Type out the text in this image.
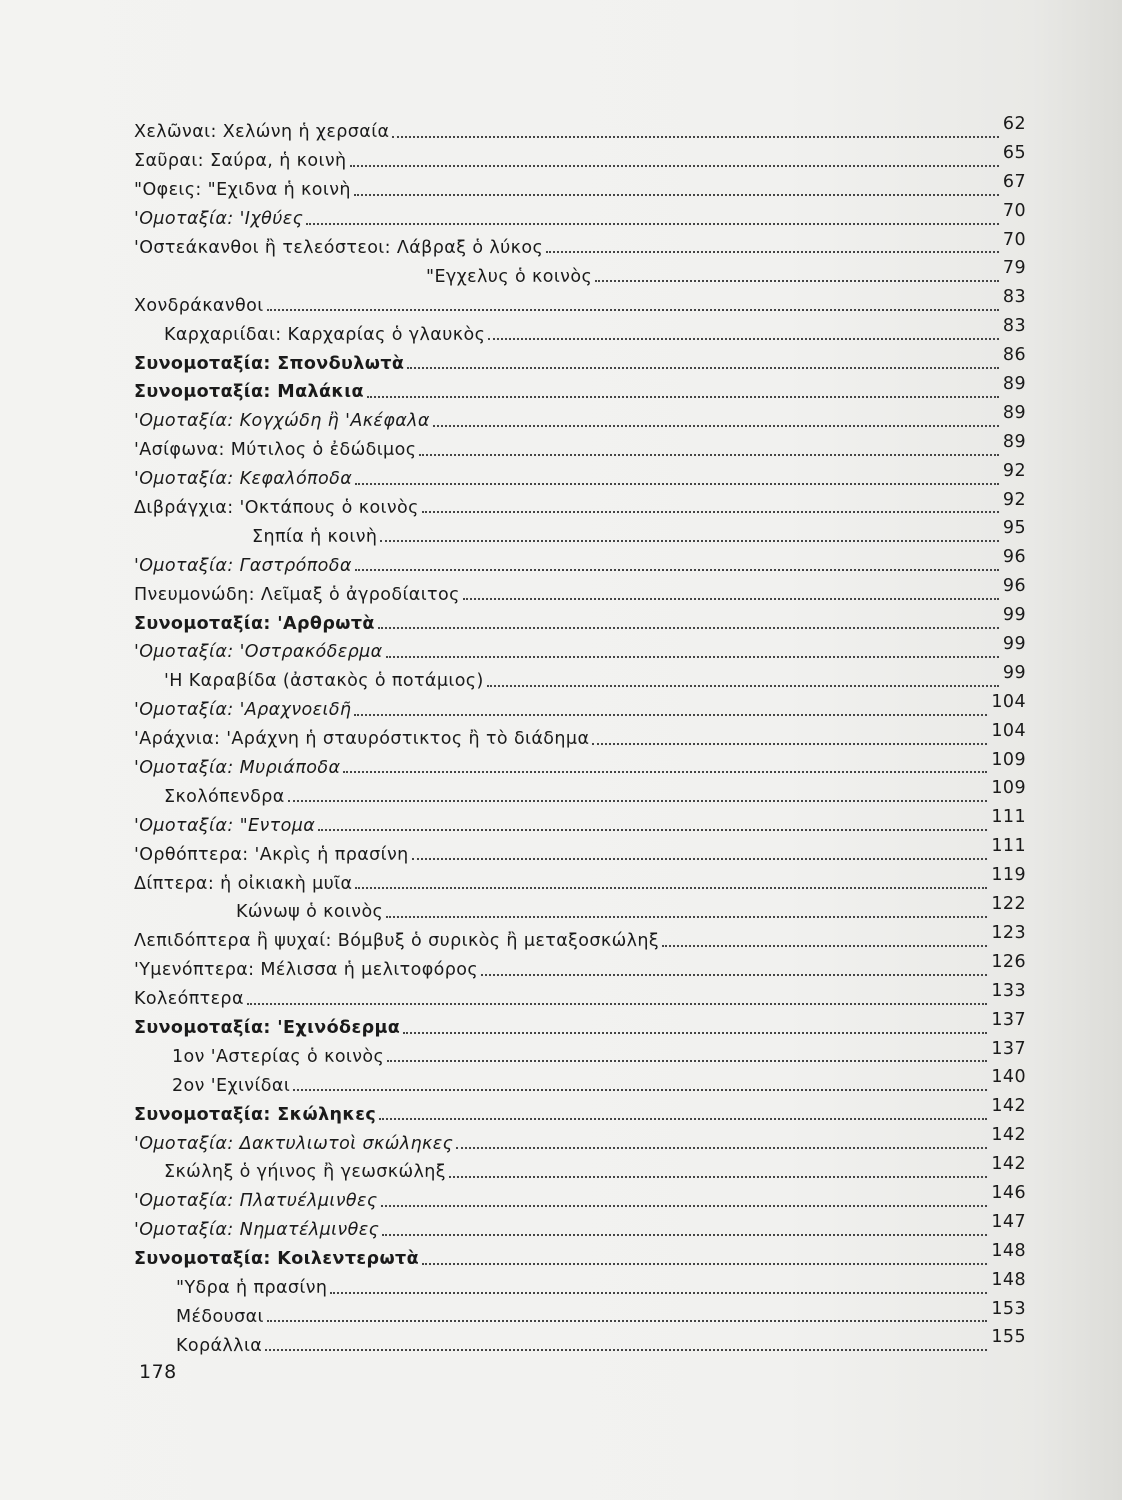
Χελῶναι: Χελώνη ἡ χερσαία	62
Σαῦραι: Σαύρα, ἡ κοινὴ	65
"Οφεις: "Εχιδνα ἡ κοινὴ	67
'Ομοταξία: 'Ιχθύες	70
'Οστεάκανθοι ἢ τελεόστεοι: Λάβραξ ὁ λύκος	70
"Εγχελυς ὁ κοινὸς	79
Χονδράκανθοι	83
Καρχαριίδαι: Καρχαρίας ὁ γλαυκὸς	83
Συνομοταξία: Σπονδυλωτὰ	86
Συνομοταξία: Μαλάκια	89
'Ομοταξία: Κογχώδη ἢ 'Ακέφαλα	89
'Ασίφωνα: Μύτιλος ὁ ἐδώδιμος	89
'Ομοταξία: Κεφαλόποδα	92
Διβράγχια: 'Οκτάπους ὁ κοινὸς	92
Σηπία ἡ κοινὴ	95
'Ομοταξία: Γαστρόποδα	96
Πνευμονώδη: Λεῖμαξ ὁ ἀγροδίαιτος	96
Συνομοταξία: 'Αρθρωτὰ	99
'Ομοταξία: 'Οστρακόδερμα	99
'Η Καραβίδα (ἀστακὸς ὁ ποτάμιος)	99
'Ομοταξία: 'Αραχνοειδῆ	104
'Αράχνια: 'Αράχνη ἡ σταυρόστικτος ἢ τὸ διάδημα	104
'Ομοταξία: Μυριάποδα	109
Σκολόπενδρα	109
'Ομοταξία: "Εντομα	111
'Ορθόπτερα: 'Ακρὶς ἡ πρασίνη	111
Δίπτερα: ἡ οἰκιακὴ μυῖα	119
Κώνωψ ὁ κοινὸς	122
Λεπιδόπτερα ἢ ψυχαί: Βόμβυξ ὁ συρικὸς ἢ μεταξοσκώληξ	123
'Υμενόπτερα: Μέλισσα ἡ μελιτοφόρος	126
Κολεόπτερα	133
Συνομοταξία: 'Εχινόδερμα	137
1ον 'Αστερίας ὁ κοινὸς	137
2ον 'Εχινίδαι	140
Συνομοταξία: Σκώληκες	142
'Ομοταξία: Δακτυλιωτοὶ σκώληκες	142
Σκώληξ ὁ γήινος ἢ γεωσκώληξ	142
'Ομοταξία: Πλατυέλμινθες	146
'Ομοταξία: Νηματέλμινθες	147
Συνομοταξία: Κοιλεντερωτὰ	148
"Υδρα ἡ πρασίνη	148
Μέδουσαι	153
Κοράλλια	155
178
